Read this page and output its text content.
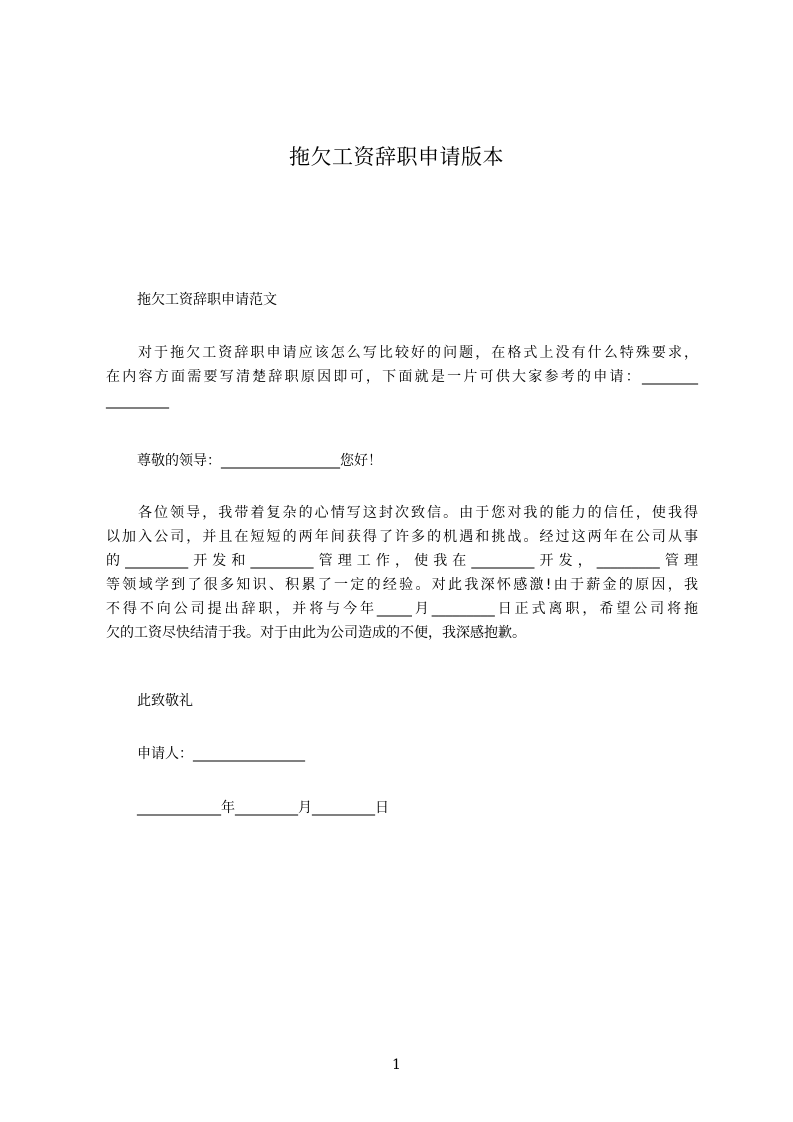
拖欠工资辞职申请版本
拖欠工资辞职申请范文
对于拖欠工资辞职申请应该怎么写比较好的问题，在格式上没有什么特殊要求，
在内容方面需要写清楚辞职原因即可，下面就是一片可供大家参考的申请：________
_________
尊敬的领导：_________________您好！
各位领导，我带着复杂的心情写这封次致信。由于您对我的能力的信任，使我得
以加入公司，并且在短短的两年间获得了许多的机遇和挑战。经过这两年在公司从事
的_________开发和_________管理工作，使我在_________开发，_________管理
等领域学到了很多知识、积累了一定的经验。对此我深怀感激!由于薪金的原因，我
不得不向公司提出辞职，并将与今年_____月_________日正式离职，希望公司将拖
欠的工资尽快结清于我。对于由此为公司造成的不便，我深感抱歉。
此致敬礼
申请人：________________
____________年_________月_________日
1
